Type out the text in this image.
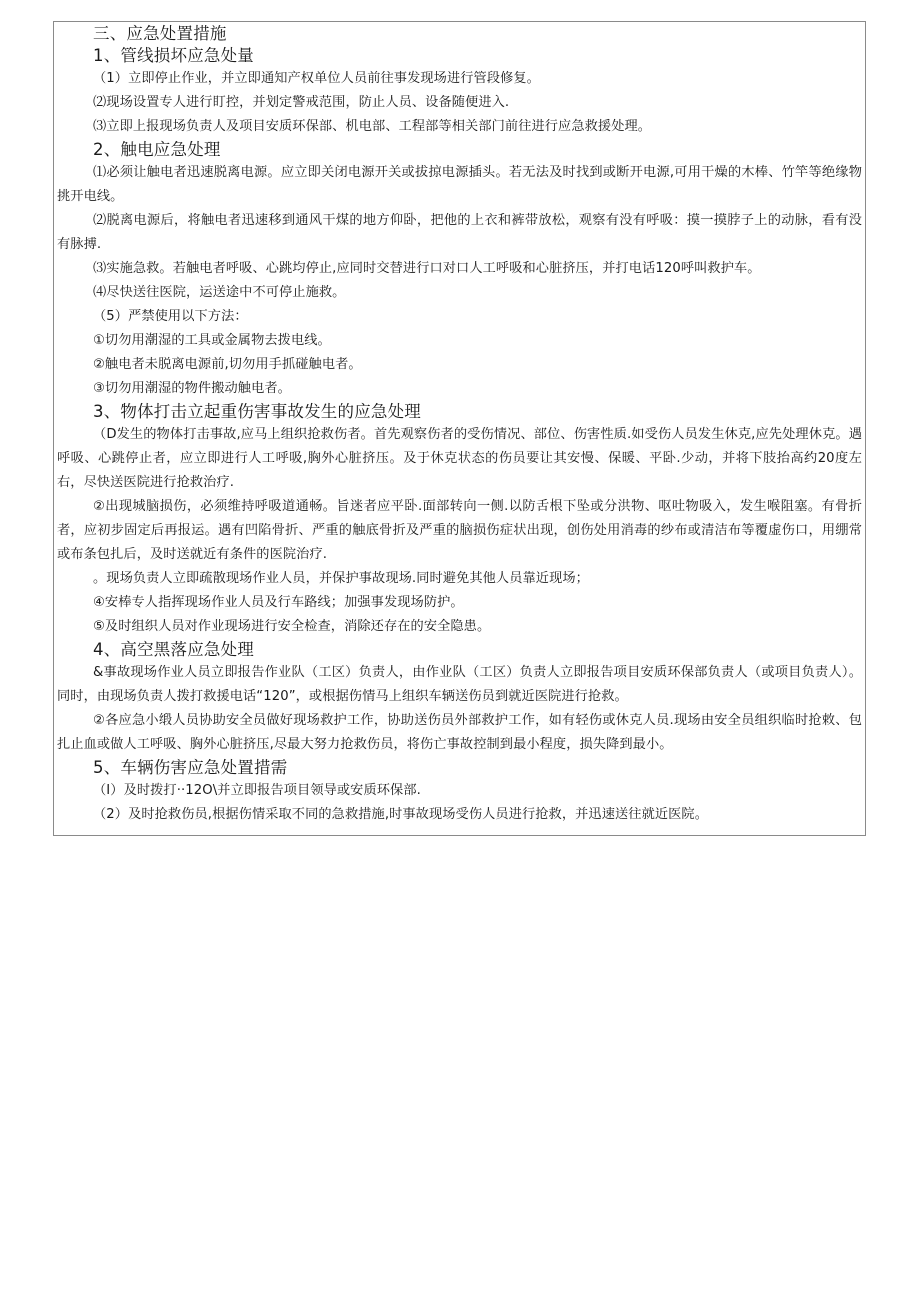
三、应急处置措施
1、管线损坏应急处量
（1）立即停止作业，并立即通知产权单位人员前往事发现场进行管段修复。
⑵现场设置专人进行盯控，并划定警戒范围，防止人员、设备随便进入.
⑶立即上报现场负责人及项目安质环保部、机电部、工程部等相关部门前往进行应急救援处理。
2、触电应急处理
⑴必须让触电者迅速脱离电源。应立即关闭电源开关或拔掠电源插头。若无法及时找到或断开电源,可用干燥的木棒、竹竿等绝缘物挑开电线。
⑵脱离电源后，将触电者迅速移到通风干煤的地方仰卧，把他的上衣和裤带放松，观察有没有呼吸：摸一摸脖子上的动脉，看有没有脉搏.
⑶实施急救。若触电者呼吸、心跳均停止,应同时交替进行口对口人工呼吸和心脏挤压，并打电话120呼叫救护车。
⑷尽快送往医院，运送途中不可停止施救。
（5）严禁使用以下方法：
①切勿用潮湿的工具或金属物去拨电线。
②触电者未脱离电源前,切勿用手抓碰触电者。
③切勿用潮湿的物件搬动触电者。
3、物体打击立起重伤害事故发生的应急处理
（D发生的物体打击事故,应马上组织抢救伤者。首先观察伤者的受伤情况、部位、伤害性质.如受伤人员发生休克,应先处理休克。遇呼吸、心跳停止者，应立即进行人工呼吸,胸外心脏挤压。及于休克状态的伤员要让其安慢、保暖、平卧.少动，并将下肢抬高约20度左右，尽快送医院进行抢救治疗.
②出现城脑损伤，必须维持呼吸道通畅。旨迷者应平卧.面部转向一侧.以防舌根下坠或分洪物、呕吐物吸入，发生喉阻塞。有骨折者，应初步固定后再报运。遇有凹陷骨折、严重的触底骨折及严重的脑损伤症状出现，创伤处用消毒的纱布或清洁布等覆虚伤口，用绷常或布条包扎后，及时送就近有条件的医院治疗.
。现场负责人立即疏散现场作业人员，并保护事故现场.同时避免其他人员靠近现场；
④安棒专人指挥现场作业人员及行车路线；加强事发现场防护。
⑤及时组织人员对作业现场进行安全检查，消除还存在的安全隐患。
4、高空黑落应急处理
&事故现场作业人员立即报告作业队（工区）负责人，由作业队（工区）负责人立即报告项目安质环保部负责人（或项目负责人）。同时，由现场负责人拨打救援电话“120”，或根据伤情马上组织车辆送伤员到就近医院进行抢救。
②各应急小缎人员协助安全员做好现场救护工作，协助送伤员外部救护工作，如有轻伤或休克人员.现场由安全员组织临时抢敕、包扎止血或做人工呼吸、胸外心脏挤压,尽最大努力抢救伤员，将伤亡事故控制到最小程度，损失降到最小。
5、车辆伤害应急处置措需
（I）及时拨打··12O\并立即报告项目领导或安质环保部.
（2）及时抢救伤员,根据伤情采取不同的急救措施,时事故现场受伤人员进行抢救，并迅速送往就近医院。
